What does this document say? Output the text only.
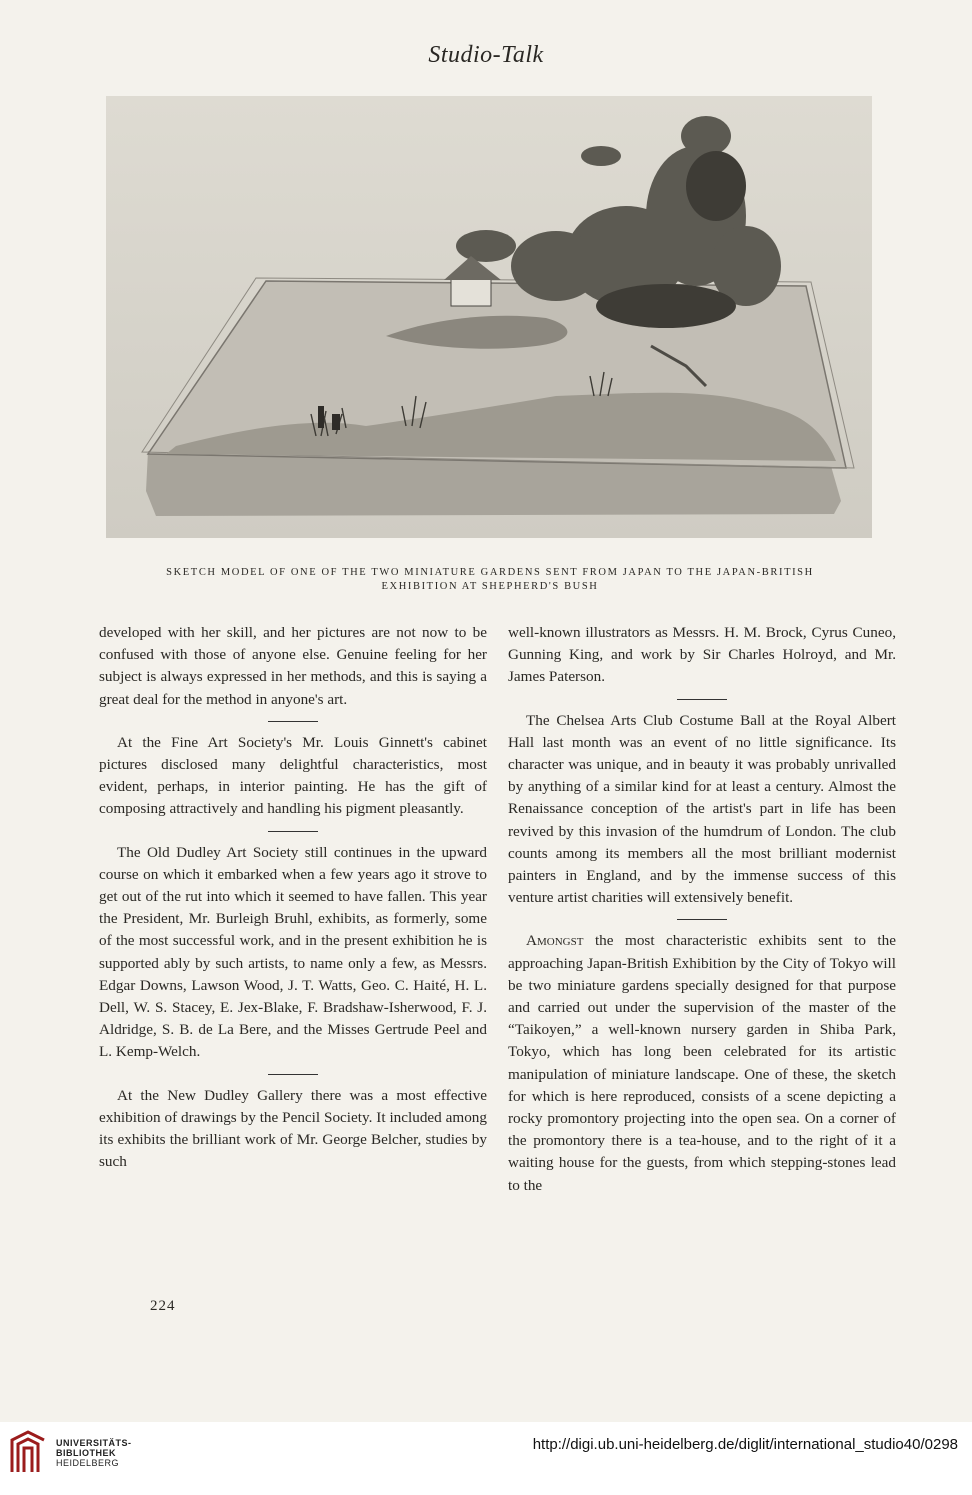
Studio-Talk
SKETCH MODEL OF ONE OF THE TWO MINIATURE GARDENS SENT FROM JAPAN TO THE JAPAN-BRITISH
EXHIBITION AT SHEPHERD'S BUSH

developed with her skill, and her pictures are not now to be confused with those of anyone else. Genuine feeling for her subject is always expressed in her methods, and this is saying a great deal for the method in anyone's art.

At the Fine Art Society's Mr. Louis Ginnett's cabinet pictures disclosed many delightful characteristics, most evident, perhaps, in interior painting. He has the gift of composing attractively and handling his pigment pleasantly.

The Old Dudley Art Society still continues in the upward course on which it embarked when a few years ago it strove to get out of the rut into which it seemed to have fallen. This year the President, Mr. Burleigh Bruhl, exhibits, as formerly, some of the most successful work, and in the present exhibition he is supported ably by such artists, to name only a few, as Messrs. Edgar Downs, Lawson Wood, J. T. Watts, Geo. C. Haité, H. L. Dell, W. S. Stacey, E. Jex-Blake, F. Bradshaw-Isherwood, F. J. Aldridge, S. B. de La Bere, and the Misses Gertrude Peel and L. Kemp-Welch.

At the New Dudley Gallery there was a most effective exhibition of drawings by the Pencil Society. It included among its exhibits the brilliant work of Mr. George Belcher, studies by such

well-known illustrators as Messrs. H. M. Brock, Cyrus Cuneo, Gunning King, and work by Sir Charles Holroyd, and Mr. James Paterson.

The Chelsea Arts Club Costume Ball at the Royal Albert Hall last month was an event of no little significance. Its character was unique, and in beauty it was probably unrivalled by anything of a similar kind for at least a century. Almost the Renaissance conception of the artist's part in life has been revived by this invasion of the humdrum of London. The club counts among its members all the most brilliant modernist painters in England, and by the immense success of this venture artist charities will extensively benefit.

Amongst the most characteristic exhibits sent to the approaching Japan-British Exhibition by the City of Tokyo will be two miniature gardens specially designed for that purpose and carried out under the supervision of the master of the “Taikoyen,” a well-known nursery garden in Shiba Park, Tokyo, which has long been celebrated for its artistic manipulation of miniature landscape. One of these, the sketch for which is here reproduced, consists of a scene depicting a rocky promontory projecting into the open sea. On a corner of the promontory there is a tea-house, and to the right of it a waiting house for the guests, from which stepping-stones lead to the

224
UNIVERSITÄTS-
BIBLIOTHEK
HEIDELBERG
http://digi.ub.uni-heidelberg.de/diglit/international_studio40/0298
